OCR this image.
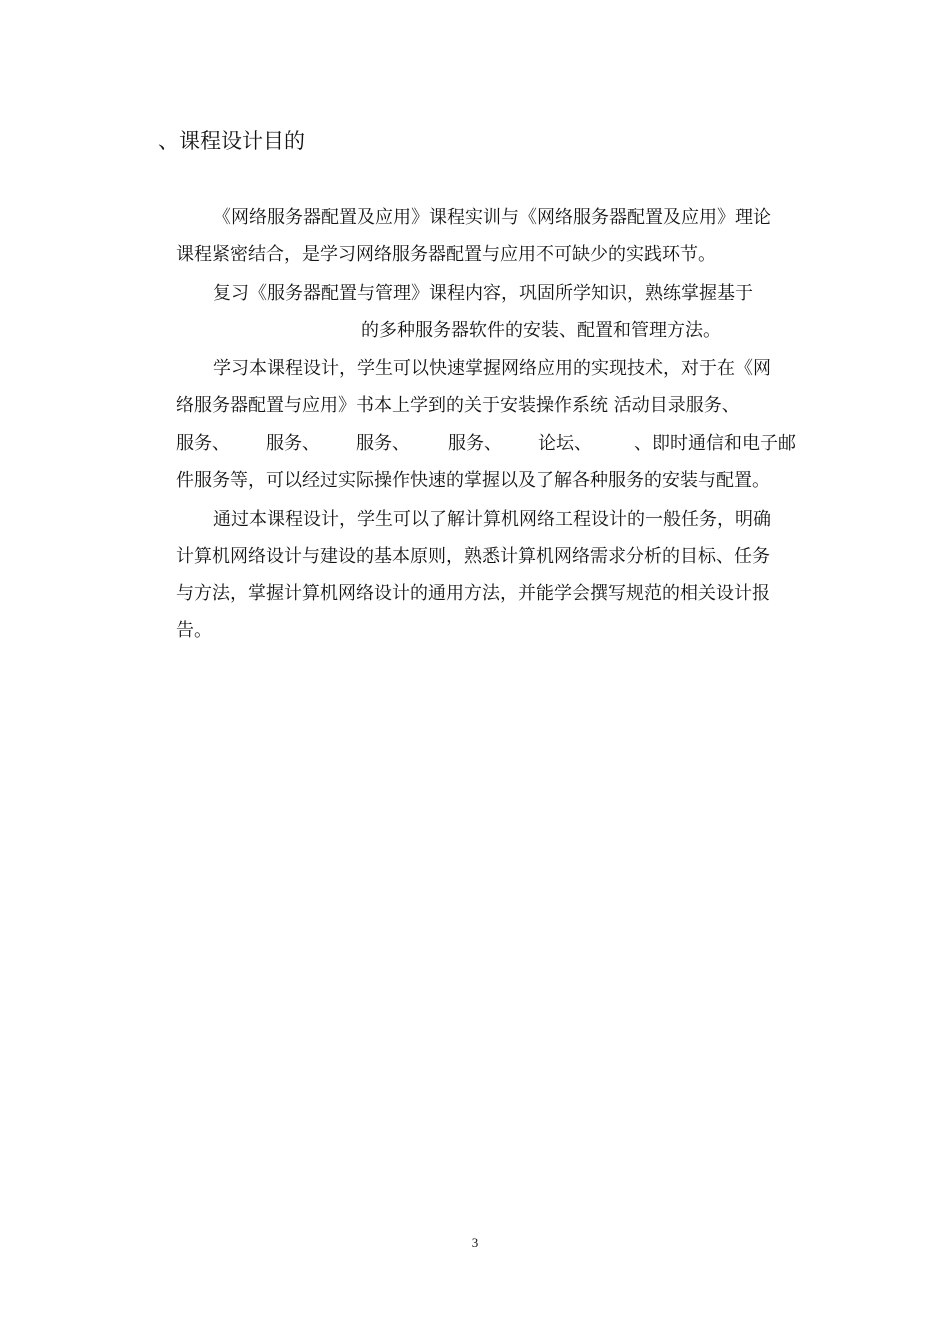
、课程设计目的
《网络服务器配置及应用》课程实训与《网络服务器配置及应用》理论
课程紧密结合，是学习网络服务器配置与应用不可缺少的实践环节。
复习《服务器配置与管理》课程内容，巩固所学知识，熟练掌握基于
的多种服务器软件的安装、配置和管理方法。
学习本课程设计，学生可以快速掌握网络应用的实现技术，对于在《网
络服务器配置与应用》书本上学到的关于安装操作系统 活动目录服务、
服务、 服务、 服务、 服务、 论坛、 、即时通信和电子邮
件服务等，可以经过实际操作快速的掌握以及了解各种服务的安装与配置。
通过本课程设计，学生可以了解计算机网络工程设计的一般任务，明确
计算机网络设计与建设的基本原则，熟悉计算机网络需求分析的目标、任务
与方法，掌握计算机网络设计的通用方法，并能学会撰写规范的相关设计报
告。
3
